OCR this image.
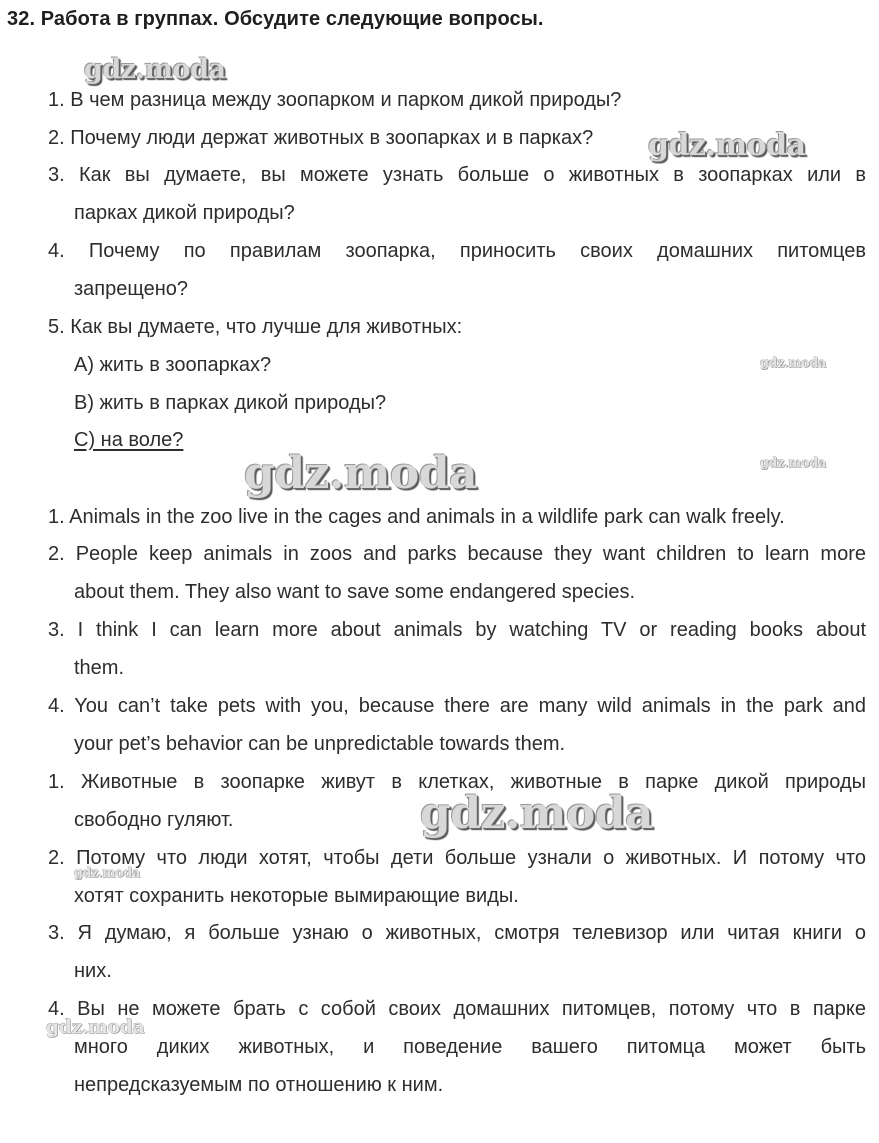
32. Работа в группах. Обсудите следующие вопросы.
1. В чем разница между зоопарком и парком дикой природы?
2. Почему люди держат животных в зоопарках и в парках?
3. Как вы думаете, вы можете узнать больше о животных в зоопарках или в
парках дикой природы?
4. Почему по правилам зоопарка, приносить своих домашних питомцев
запрещено?
5. Как вы думаете, что лучше для животных:
А) жить в зоопарках?
В) жить в парках дикой природы?
С) на воле?
1. Animals in the zoo live in the cages and animals in a wildlife park can walk freely.
2. People keep animals in zoos and parks because they want children to learn more
about them. They also want to save some endangered species.
3. I think I can learn more about animals by watching TV or reading books about
them.
4. You can’t take pets with you, because there are many wild animals in the park and
your pet’s behavior can be unpredictable towards them.
1. Животные в зоопарке живут в клетках, животные в парке дикой природы
свободно гуляют.
2. Потому что люди хотят, чтобы дети больше узнали о животных. И потому что
хотят сохранить некоторые вымирающие виды.
3. Я думаю, я больше узнаю о животных, смотря телевизор или читая книги о
них.
4. Вы не можете брать с собой своих домашних питомцев, потому что в парке
много диких животных, и поведение вашего питомца может быть
непредсказуемым по отношению к ним.
gdz.moda
gdz.moda
gdz.moda
gdz.moda	gdz.moda
gdz.moda
gdz.moda
gdz.moda
